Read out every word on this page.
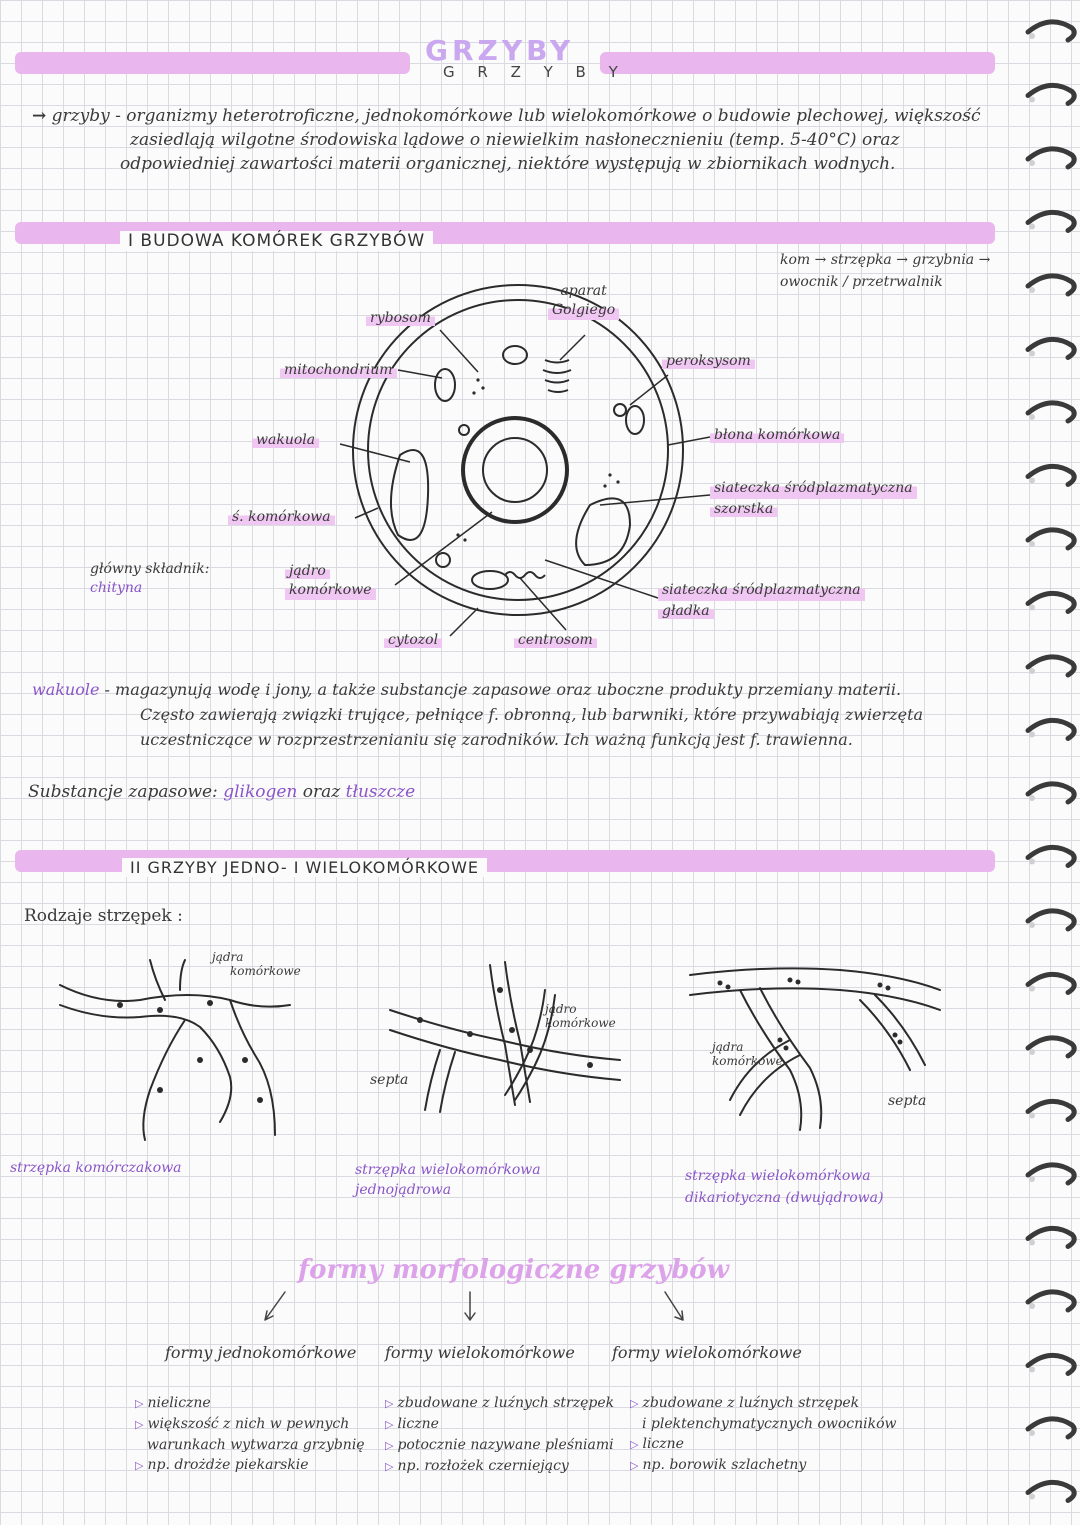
GRZYBY
G R Z Y B Y
→ grzyby - organizmy heterotroficzne, jednokomórkowe lub wielokomórkowe o budowie plechowej, większość
zasiedlają wilgotne środowiska lądowe o niewielkim nasłonecznieniu (temp. 5-40°C) oraz
odpowiedniej zawartości materii organicznej, niektóre występują w zbiornikach wodnych.
I BUDOWA KOMÓREK GRZYBÓW
kom → strzępka → grzybnia →
owocnik / przetrwalnik
rybosom
aparat
Golgiego
mitochondrium
peroksysom
wakuola	błona komórkowa
siateczka śródplazmatyczna
szorstka
ś. komórkowa
główny składnik:
chityna
jądro
komórkowe	siateczka śródplazmatyczna
gładka
cytozol	centrosom
wakuole - magazynują wodę i jony, a także substancje zapasowe oraz uboczne produkty przemiany materii.
Często zawierają związki trujące, pełniące f. obronną, lub barwniki, które przywabiają zwierzęta
uczestniczące w rozprzestrzenianiu się zarodników. Ich ważną funkcją jest f. trawienna.
Substancje zapasowe: glikogen oraz tłuszcze
II GRZYBY JEDNO- I WIELOKOMÓRKOWE
Rodzaje strzępek :
jądra
komórkowe
jądro
komórkowe
septa
jądra
komórkowe
septa
strzępka komórczakowa	strzępka wielokomórkowa
jednojądrowa
strzępka wielokomórkowa
dikariotyczna (dwujądrowa)
formy morfologiczne grzybów
formy jednokomórkowe formy wielokomórkowe formy wielokomórkowe
▷ nieliczne
▷ większość z nich w pewnych
warunkach wytwarza grzybnię
▷ np. drożdże piekarskie
▷ zbudowane z luźnych strzępek
▷ liczne
▷ potocznie nazywane pleśniami
▷ np. rozłożek czerniejący
▷ zbudowane z luźnych strzępek
i plektenchymatycznych owocników
▷ liczne
▷ np. borowik szlachetny
